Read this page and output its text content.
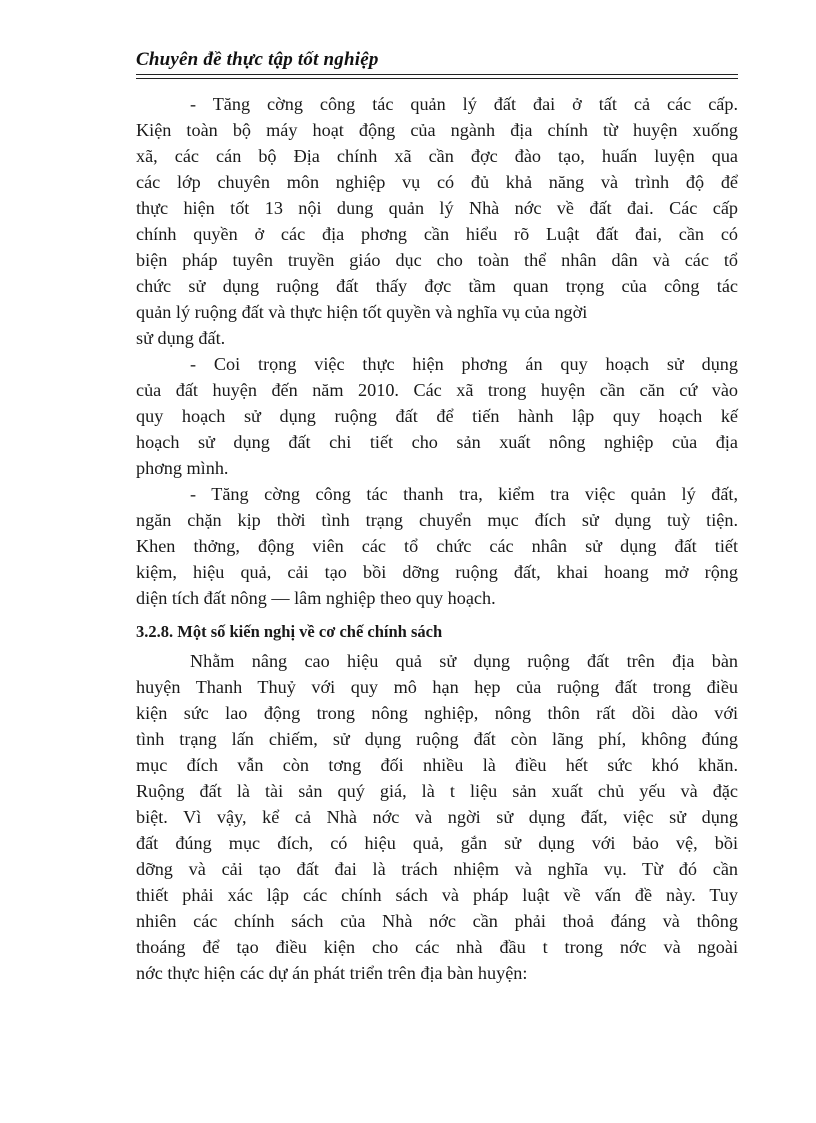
Chuyên đề thực tập tốt nghiệp
- Tăng cờng công tác quản lý đất đai ở tất cả các cấp.
Kiện toàn bộ máy hoạt động của ngành địa chính từ huyện xuống
xã, các cán bộ Địa chính xã cần đợc đào tạo, huấn luyện qua
các lớp chuyên môn nghiệp vụ có đủ khả năng và trình độ để
thực hiện tốt 13 nội dung quản lý Nhà nớc về đất đai. Các cấp
chính quyền ở các địa phơng cần hiểu rõ Luật đất đai, cần có
biện pháp tuyên truyền giáo dục cho toàn thể nhân dân và các tổ
chức sử dụng ruộng đất thấy đợc tầm quan trọng của công tác
quản lý ruộng đất và thực hiện tốt quyền và nghĩa vụ của ngời
sử dụng đất.
- Coi trọng việc thực hiện phơng án quy hoạch sử dụng
của đất huyện đến năm 2010. Các xã trong huyện cần căn cứ vào
quy hoạch sử dụng ruộng đất để tiến hành lập quy hoạch kế
hoạch sử dụng đất chi tiết cho sản xuất nông nghiệp của địa
phơng mình.
- Tăng cờng công tác thanh tra, kiểm tra việc quản lý đất,
ngăn chặn kịp thời tình trạng chuyển mục đích sử dụng tuỳ tiện.
Khen thởng, động viên các tổ chức các nhân sử dụng đất tiết
kiệm, hiệu quả, cải tạo bồi dỡng ruộng đất, khai hoang mở rộng
diện tích đất nông — lâm nghiệp theo quy hoạch.
3.2.8. Một số kiến nghị về cơ chế chính sách
Nhằm nâng cao hiệu quả sử dụng ruộng đất trên địa bàn
huyện Thanh Thuỷ với quy mô hạn hẹp của ruộng đất trong điều
kiện sức lao động trong nông nghiệp, nông thôn rất dồi dào với
tình trạng lấn chiếm, sử dụng ruộng đất còn lãng phí, không đúng
mục đích vẫn còn tơng đối nhiều là điều hết sức khó khăn.
Ruộng đất là tài sản quý giá, là t liệu sản xuất chủ yếu và đặc
biệt. Vì vậy, kể cả Nhà nớc và ngời sử dụng đất, việc sử dụng
đất đúng mục đích, có hiệu quả, gắn sử dụng với bảo vệ, bồi
dỡng và cải tạo đất đai là trách nhiệm và nghĩa vụ. Từ đó cần
thiết phải xác lập các chính sách và pháp luật về vấn đề này. Tuy
nhiên các chính sách của Nhà nớc cần phải thoả đáng và thông
thoáng để tạo điều kiện cho các nhà đầu t trong nớc và ngoài
nớc thực hiện các dự án phát triển trên địa bàn huyện:
